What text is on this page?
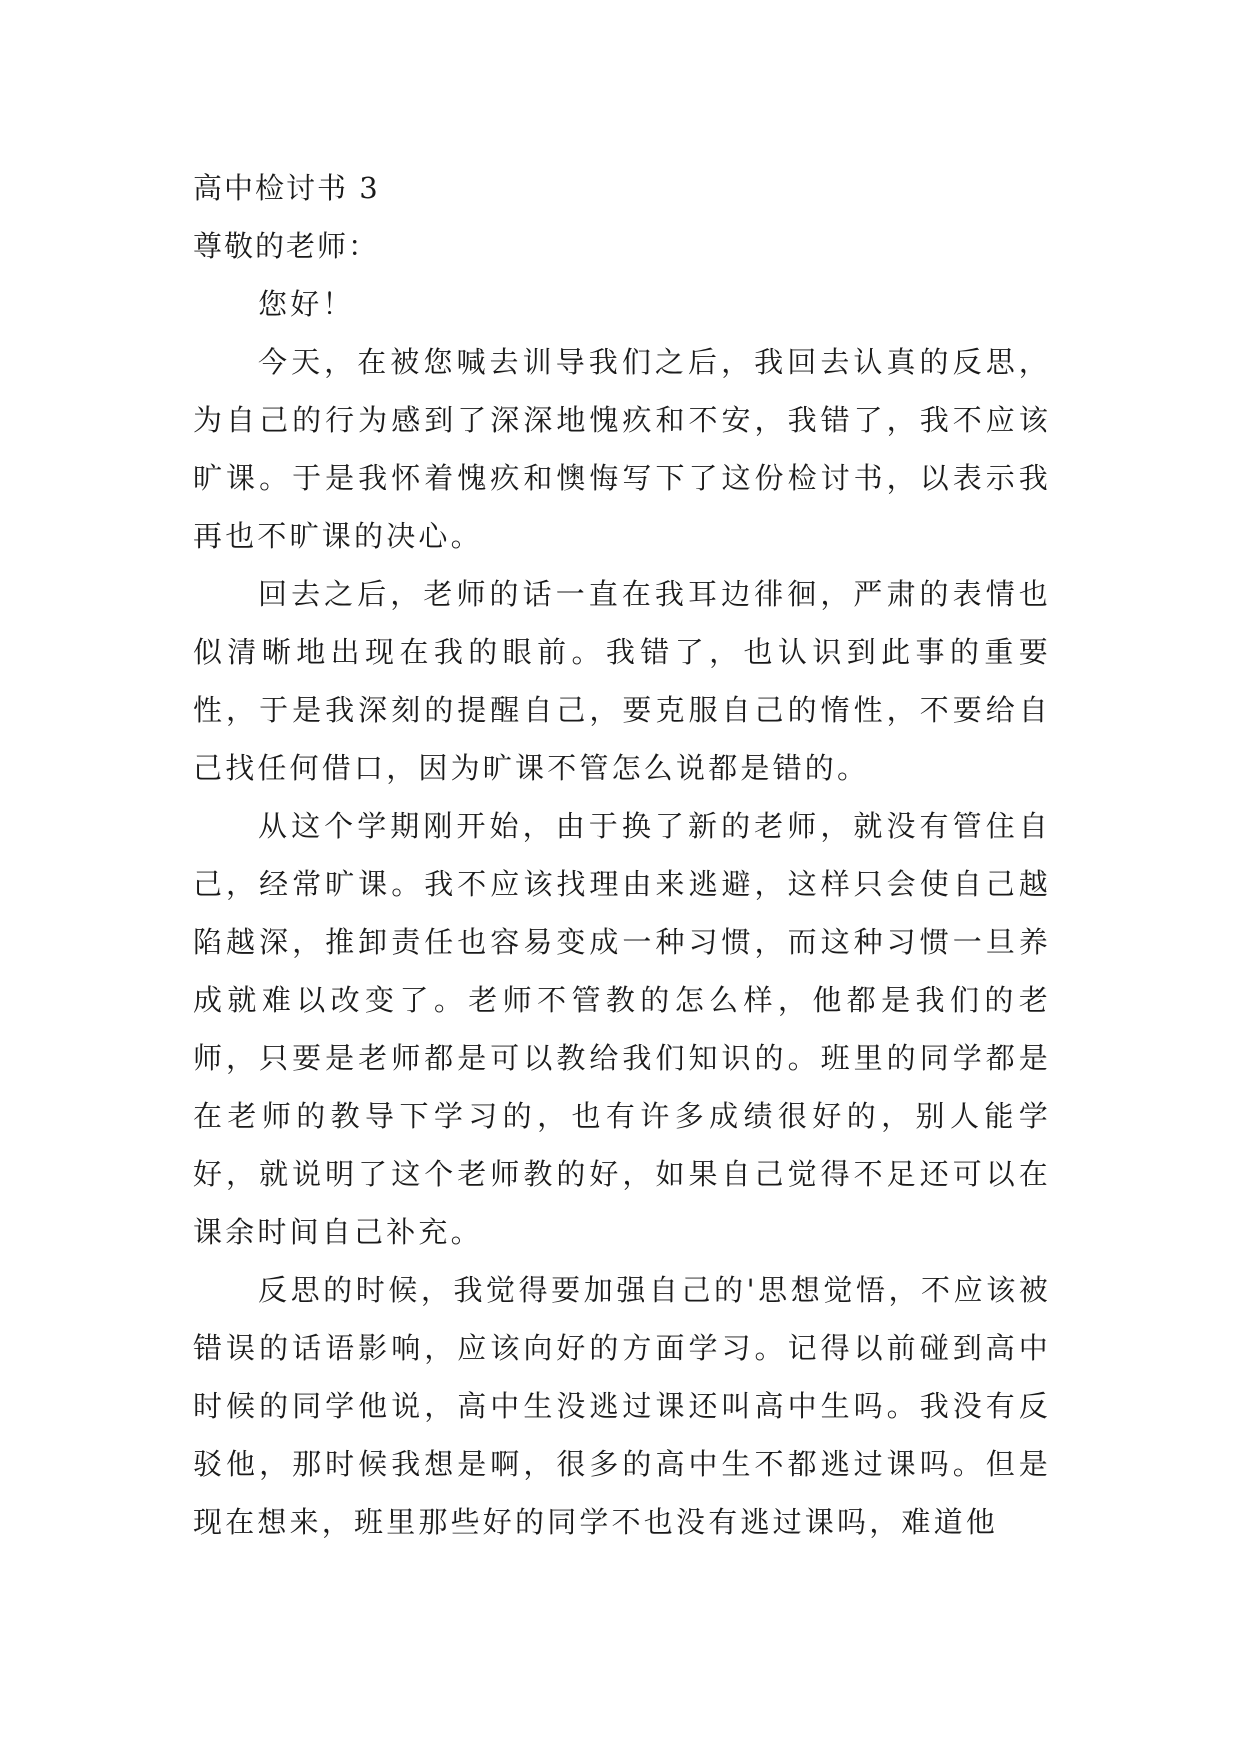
高中检讨书 3
尊敬的老师：
您好！

今天，在被您喊去训导我们之后，我回去认真的反思，为自己的行为感到了深深地愧疚和不安，我错了，我不应该旷课。于是我怀着愧疚和懊悔写下了这份检讨书，以表示我再也不旷课的决心。

回去之后，老师的话一直在我耳边徘徊，严肃的表情也似清晰地出现在我的眼前。我错了，也认识到此事的重要性，于是我深刻的提醒自己，要克服自己的惰性，不要给自己找任何借口，因为旷课不管怎么说都是错的。

从这个学期刚开始，由于换了新的老师，就没有管住自己，经常旷课。我不应该找理由来逃避，这样只会使自己越陷越深，推卸责任也容易变成一种习惯，而这种习惯一旦养成就难以改变了。老师不管教的怎么样，他都是我们的老师，只要是老师都是可以教给我们知识的。班里的同学都是在老师的教导下学习的，也有许多成绩很好的，别人能学好，就说明了这个老师教的好，如果自己觉得不足还可以在课余时间自己补充。

反思的时候，我觉得要加强自己的'思想觉悟，不应该被错误的话语影响，应该向好的方面学习。记得以前碰到高中时候的同学他说，高中生没逃过课还叫高中生吗。我没有反驳他，那时候我想是啊，很多的高中生不都逃过课吗。但是现在想来，班里那些好的同学不也没有逃过课吗，难道他
